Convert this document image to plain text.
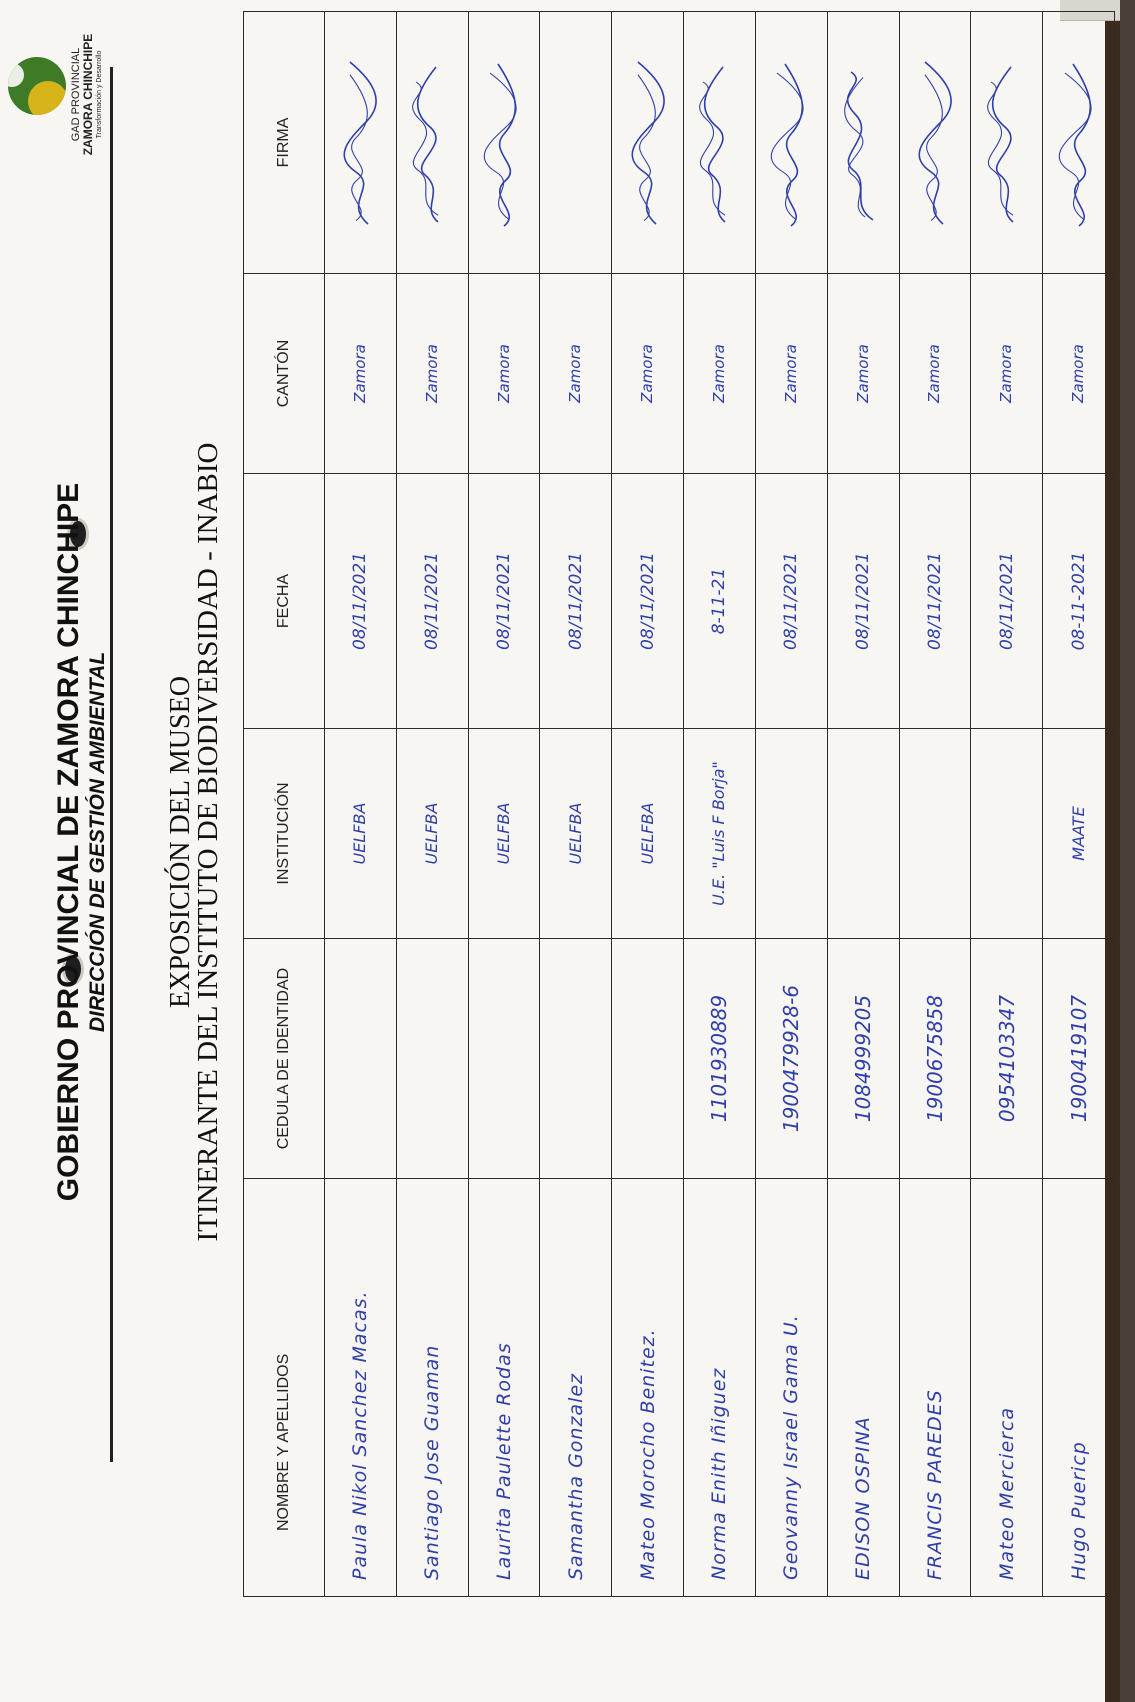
GAD PROVINCIAL ZAMORA CHINCHIPE Transformación y Desarrollo
GOBIERNO PROVINCIAL DE ZAMORA CHINCHIPE DIRECCIÓN DE GESTIÓN AMBIENTAL EXPOSICIÓN DEL MUSEO
ITINERANTE DEL INSTITUTO DE BIODIVERSIDAD - INABIO
NOMBRE Y APELLIDOS	CEDULA DE IDENTIDAD	INSTITUCIÓN	FECHA	CANTÓN	FIRMA
Paula Nikol Sanchez Macas.		UELFBA	08/11/2021	Zamora	

Santiago Jose Guaman		UELFBA	08/11/2021	Zamora	

Laurita Paulette Rodas		UELFBA	08/11/2021	Zamora	

Samantha Gonzalez		UELFBA	08/11/2021	Zamora	
Mateo Morocho Benitez.		UELFBA	08/11/2021	Zamora	

Norma Enith Iñiguez	1101930889	U.E. "Luis F Borja"	8-11-21	Zamora	

Geovanny Israel Gama U.	1900479928-6		08/11/2021	Zamora	

EDISON OSPINA	1084999205		08/11/2021	Zamora	

FRANCIS PAREDES	1900675858		08/11/2021	Zamora	

Mateo Mercierca	0954103347		08/11/2021	Zamora	

Hugo Puericp	1900419107	MAATE	08-11-2021	Zamora	
